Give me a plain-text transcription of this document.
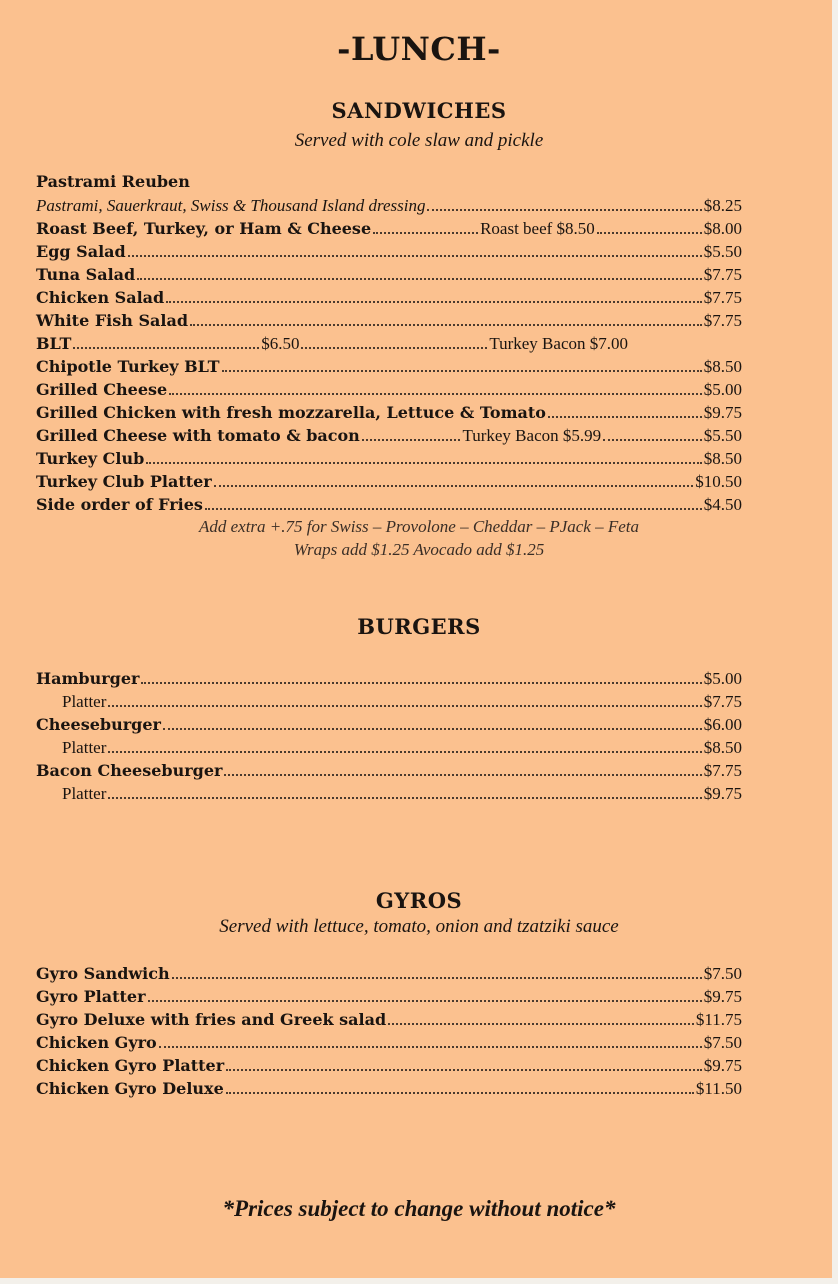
-LUNCH-
SANDWICHES
Served with cole slaw and pickle
Pastrami Reuben
Pastrami, Sauerkraut, Swiss & Thousand Island dressing	$8.25
Roast Beef, Turkey, or Ham & Cheese	Roast beef $8.50	$8.00
Egg Salad	$5.50
Tuna Salad	$7.75
Chicken Salad	$7.75
White Fish Salad	$7.75
BLT	$6.50	Turkey Bacon $7.00
Chipotle Turkey BLT	$8.50
Grilled Cheese	$5.00
Grilled Chicken with fresh mozzarella, Lettuce & Tomato	$9.75
Grilled Cheese with tomato & bacon	Turkey Bacon $5.99	$5.50
Turkey Club	$8.50
Turkey Club Platter	$10.50
Side order of Fries	$4.50
Add extra +.75 for Swiss – Provolone – Cheddar – PJack – Feta
Wraps add $1.25 Avocado add $1.25
BURGERS
Hamburger	$5.00
Platter	$7.75
Cheeseburger	$6.00
Platter	$8.50
Bacon Cheeseburger	$7.75
Platter	$9.75
GYROS
Served with lettuce, tomato, onion and tzatziki sauce
Gyro Sandwich	$7.50
Gyro Platter	$9.75
Gyro Deluxe with fries and Greek salad	$11.75
Chicken Gyro	$7.50
Chicken Gyro Platter	$9.75
Chicken Gyro Deluxe	$11.50
*Prices subject to change without notice*
